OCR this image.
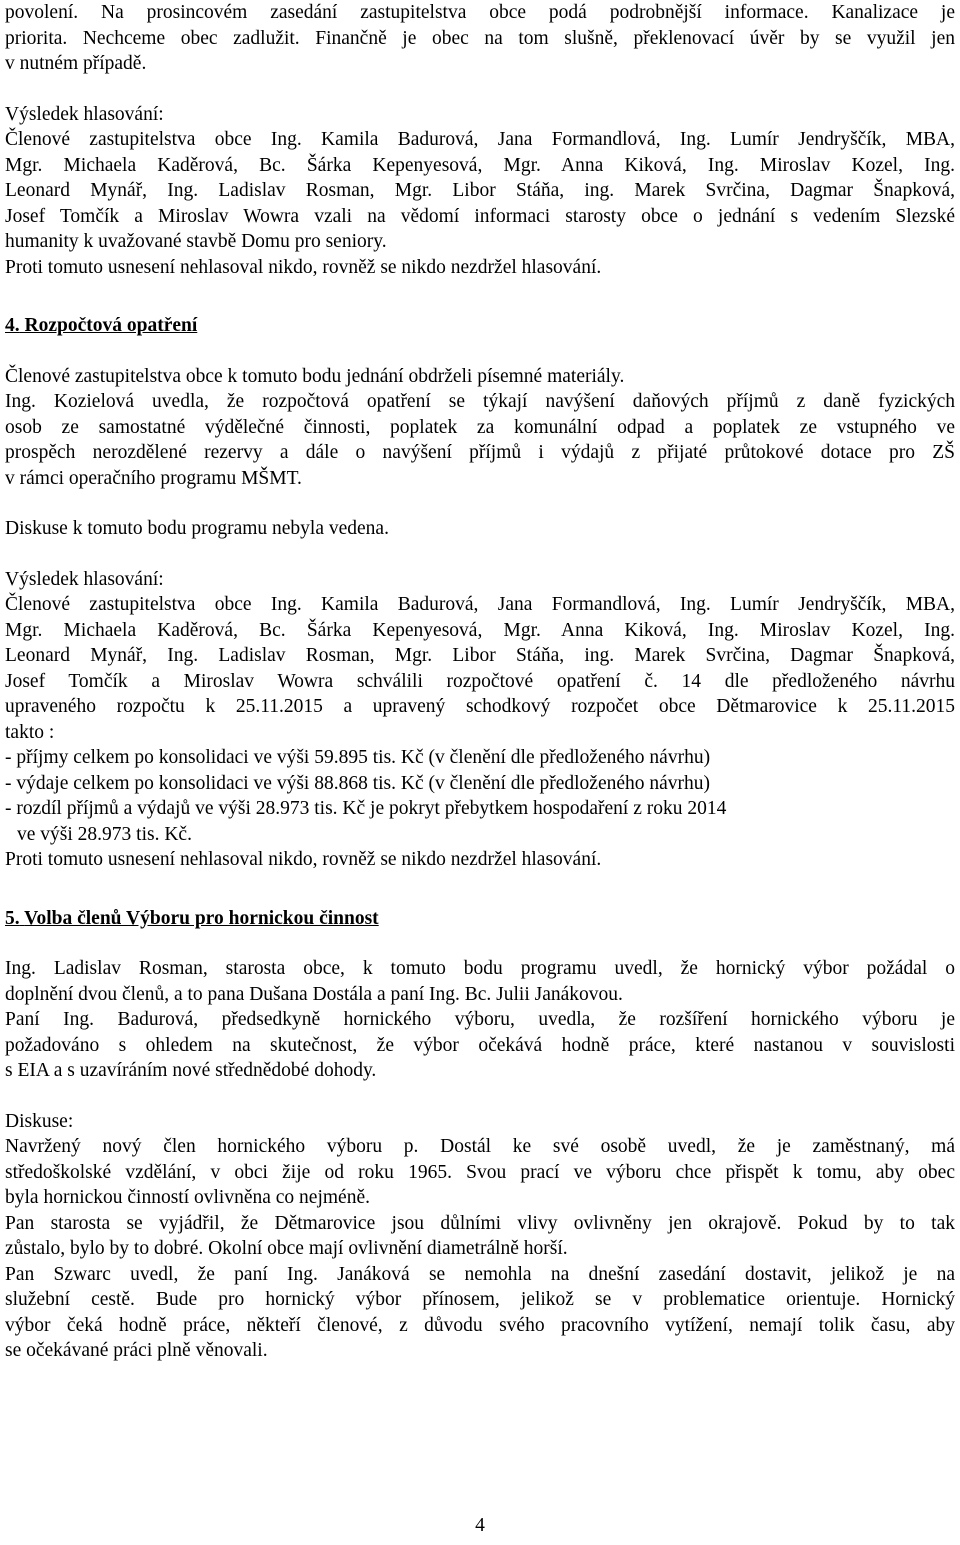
povolení. Na prosincovém zasedání zastupitelstva obce podá podrobnější informace. Kanalizace je
priorita. Nechceme obec zadlužit. Finančně je obec na tom slušně, překlenovací úvěr by se využil jen
v nutném případě.
Výsledek hlasování:
Členové zastupitelstva obce Ing. Kamila Badurová, Jana Formandlová, Ing. Lumír Jendryščík, MBA,
Mgr. Michaela Kaděrová, Bc. Šárka Kepenyesová, Mgr. Anna Kiková, Ing. Miroslav Kozel, Ing.
Leonard Mynář, Ing. Ladislav Rosman, Mgr. Libor Stáňa, ing. Marek Svrčina, Dagmar Šnapková,
Josef Tomčík a Miroslav Wowra vzali na vědomí informaci starosty obce o jednání s vedením Slezské
humanity k uvažované stavbě Domu pro seniory.
Proti tomuto usnesení nehlasoval nikdo, rovněž se nikdo nezdržel hlasování.
4. Rozpočtová opatření
Členové zastupitelstva obce k tomuto bodu jednání obdrželi písemné materiály.
Ing. Kozielová uvedla, že rozpočtová opatření se týkají navýšení daňových příjmů z daně fyzických
osob ze samostatné výdělečné činnosti, poplatek za komunální odpad a poplatek ze vstupného ve
prospěch nerozdělené rezervy a dále o navýšení příjmů i výdajů z přijaté průtokové dotace pro ZŠ
v rámci operačního programu MŠMT.
Diskuse k tomuto bodu programu nebyla vedena.
Výsledek hlasování:
Členové zastupitelstva obce Ing. Kamila Badurová, Jana Formandlová, Ing. Lumír Jendryščík, MBA,
Mgr. Michaela Kaděrová, Bc. Šárka Kepenyesová, Mgr. Anna Kiková, Ing. Miroslav Kozel, Ing.
Leonard Mynář, Ing. Ladislav Rosman, Mgr. Libor Stáňa, ing. Marek Svrčina, Dagmar Šnapková,
Josef Tomčík a Miroslav Wowra schválili rozpočtové opatření č. 14 dle předloženého návrhu
upraveného rozpočtu k 25.11.2015 a upravený schodkový rozpočet obce Dětmarovice k 25.11.2015
takto :
- příjmy celkem po konsolidaci ve výši 59.895 tis. Kč (v členění dle předloženého návrhu)
- výdaje celkem po konsolidaci ve výši 88.868 tis. Kč (v členění dle předloženého návrhu)
- rozdíl příjmů a výdajů ve výši 28.973 tis. Kč je pokryt přebytkem hospodaření z roku 2014
ve výši 28.973 tis. Kč.
Proti tomuto usnesení nehlasoval nikdo, rovněž se nikdo nezdržel hlasování.
5. Volba členů Výboru pro hornickou činnost
Ing. Ladislav Rosman, starosta obce, k tomuto bodu programu uvedl, že hornický výbor požádal o
doplnění dvou členů, a to pana Dušana Dostála a paní Ing. Bc. Julii Janákovou.
Paní Ing. Badurová, předsedkyně hornického výboru, uvedla, že rozšíření hornického výboru je
požadováno s ohledem na skutečnost, že výbor očekává hodně práce, které nastanou v souvislosti
s EIA a s uzavíráním nové střednědobé dohody.
Diskuse:
Navržený nový člen hornického výboru p. Dostál ke své osobě uvedl, že je zaměstnaný, má
středoškolské vzdělání, v obci žije od roku 1965. Svou prací ve výboru chce přispět k tomu, aby obec
byla hornickou činností ovlivněna co nejméně.
Pan starosta se vyjádřil, že Dětmarovice jsou důlními vlivy ovlivněny jen okrajově. Pokud by to tak
zůstalo, bylo by to dobré. Okolní obce mají ovlivnění diametrálně horší.
Pan Szwarc uvedl, že paní Ing. Janáková se nemohla na dnešní zasedání dostavit, jelikož je na
služební cestě. Bude pro hornický výbor přínosem, jelikož se v problematice orientuje. Hornický
výbor čeká hodně práce, někteří členové, z důvodu svého pracovního vytížení, nemají tolik času, aby
se očekávané práci plně věnovali.
4
